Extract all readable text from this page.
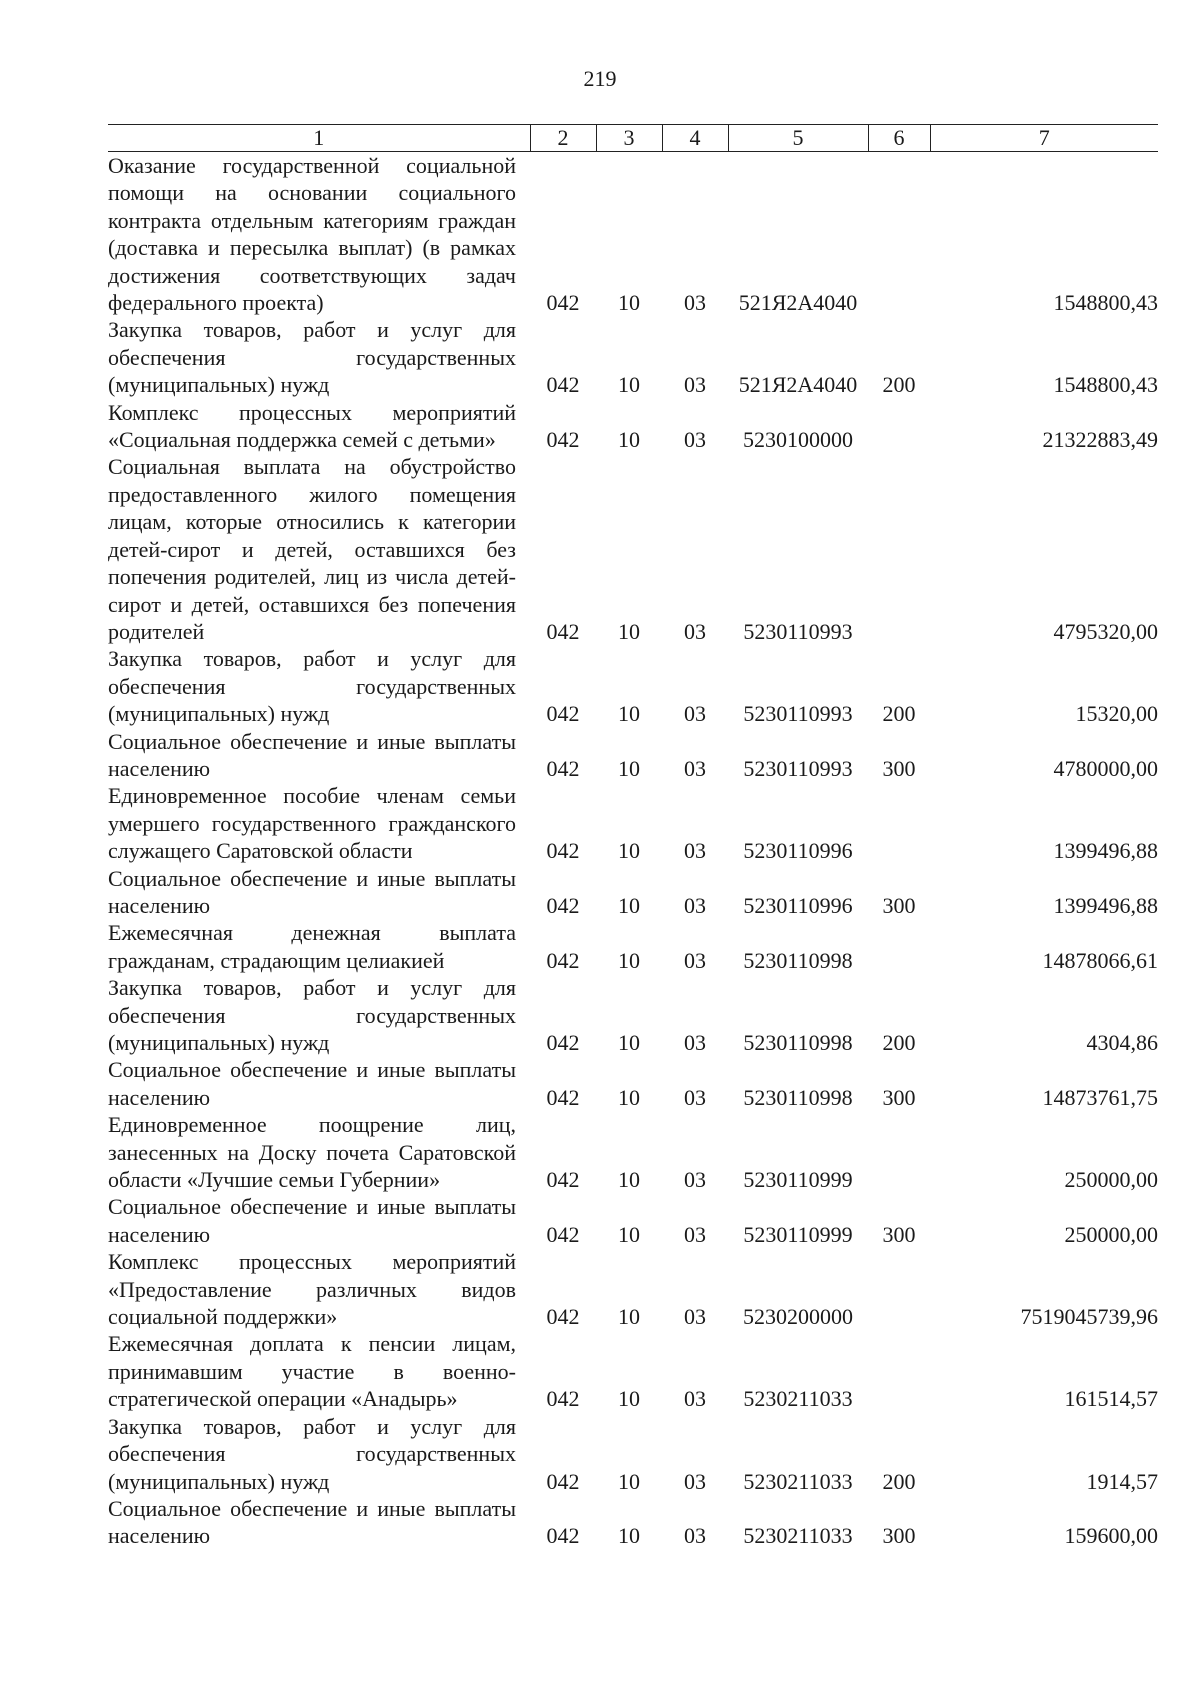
219
1	2	3	4	5	6	7
Оказание государственной социальной помощи на основании социального контракта отдельным категориям граждан (доставка и пересылка выплат) (в рамках достижения соответствующих задач федерального проекта)	042	10	03	521Я2А4040		1548800,43
Закупка товаров, работ и услуг для обеспечения государственных (муниципальных) нужд	042	10	03	521Я2А4040	200	1548800,43
Комплекс процессных мероприятий «Социальная поддержка семей с детьми»	042	10	03	5230100000		21322883,49
Социальная выплата на обустройство предоставленного жилого помещения лицам, которые относились к категории детей-сирот и детей, оставшихся без попечения родителей, лиц из числа детей-сирот и детей, оставшихся без попечения родителей	042	10	03	5230110993		4795320,00
Закупка товаров, работ и услуг для обеспечения государственных (муниципальных) нужд	042	10	03	5230110993	200	15320,00
Социальное обеспечение и иные выплаты населению	042	10	03	5230110993	300	4780000,00
Единовременное пособие членам семьи умершего государственного гражданского служащего Саратовской области	042	10	03	5230110996		1399496,88
Социальное обеспечение и иные выплаты населению	042	10	03	5230110996	300	1399496,88
Ежемесячная денежная выплата гражданам, страдающим целиакией	042	10	03	5230110998		14878066,61
Закупка товаров, работ и услуг для обеспечения государственных (муниципальных) нужд	042	10	03	5230110998	200	4304,86
Социальное обеспечение и иные выплаты населению	042	10	03	5230110998	300	14873761,75
Единовременное поощрение лиц, занесенных на Доску почета Саратовской области «Лучшие семьи Губернии»	042	10	03	5230110999		250000,00
Социальное обеспечение и иные выплаты населению	042	10	03	5230110999	300	250000,00
Комплекс процессных мероприятий «Предоставление различных видов социальной поддержки»	042	10	03	5230200000		7519045739,96
Ежемесячная доплата к пенсии лицам, принимавшим участие в военно-стратегической операции «Анадырь»	042	10	03	5230211033		161514,57
Закупка товаров, работ и услуг для обеспечения государственных (муниципальных) нужд	042	10	03	5230211033	200	1914,57
Социальное обеспечение и иные выплаты населению	042	10	03	5230211033	300	159600,00
